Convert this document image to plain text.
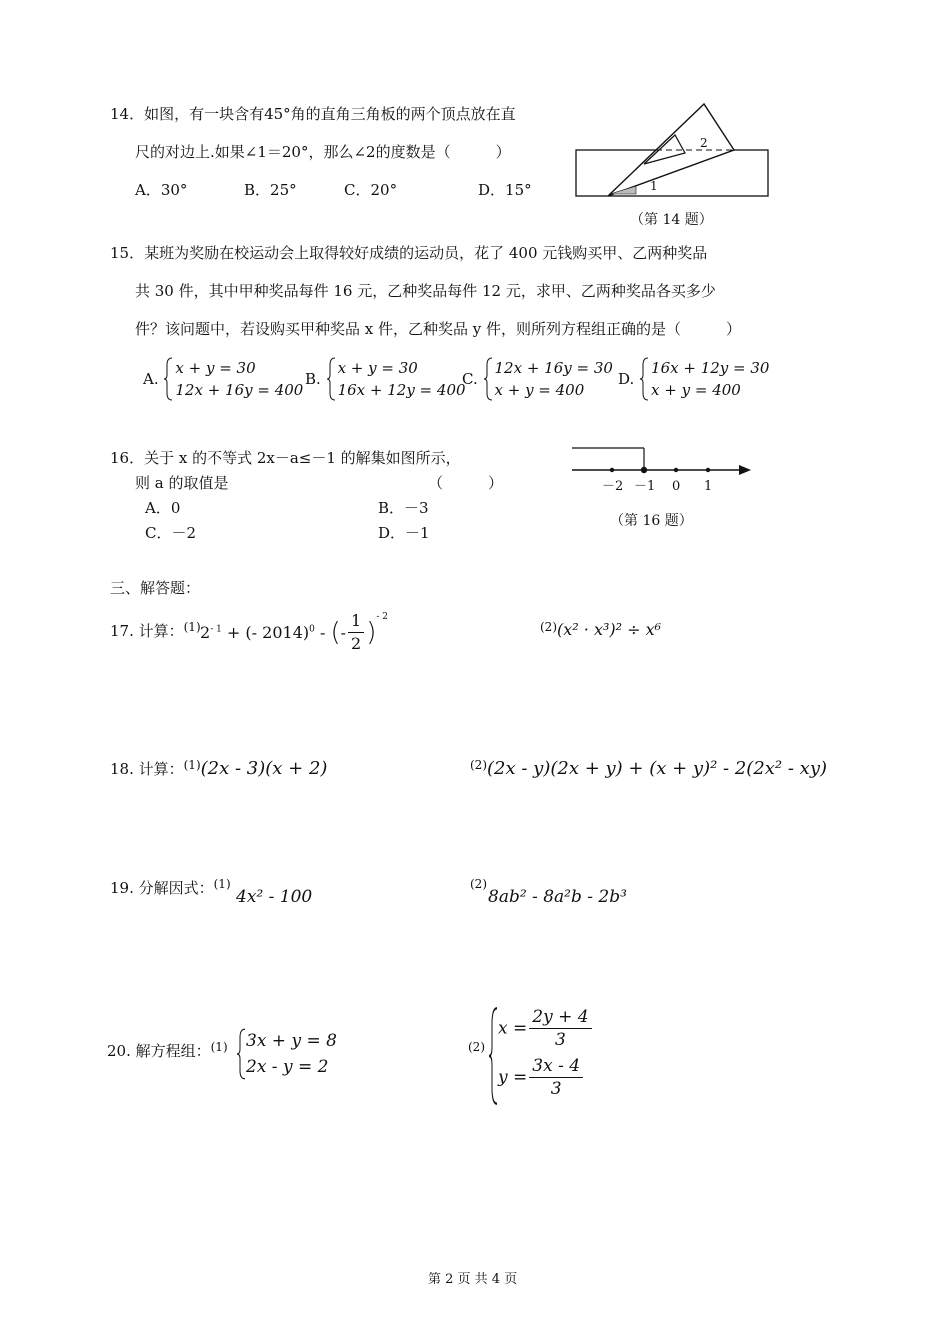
14．如图，有一块含有45°角的直角三角板的两个顶点放在直
尺的对边上.如果∠1＝20°，那么∠2的度数是（　　　）
A．30°	B．25°	C．20°	D．15°
2
1
（第 14 题）
15．某班为奖励在校运动会上取得较好成绩的运动员，花了 400 元钱购买甲、乙两种奖品
共 30 件，其中甲种奖品每件 16 元，乙种奖品每件 12 元，求甲、乙两种奖品各买多少
件？该问题中，若设购买甲种奖品 x 件，乙种奖品 y 件，则所列方程组正确的是（　　　）
A.
x + y = 30
12x + 16y = 400
B.
x + y = 30
16x + 12y = 400
C.
12x + 16y = 30
x + y = 400
D.
16x + 12y = 30
x + y = 400
16．关于 x 的不等式 2x－a≤－1 的解集如图所示，
则 a 的取值是	（　　　）
A．0	B．－3
C．－2	D．－1
－2 －1 0 1
（第 16 题）
三、解答题：
17. 计算：$^{(1)}$ $2^{- 1}$ + (- 2014)$^0$ - (- $\frac{1}{2} )^{- 2}$
$^{(2)}$(x² · x³)² ÷ x⁶
18. 计算：$^{(1)}$(2x - 3)(x + 2)	$^{(2)}$(2x - y)(2x + y) + (x + y)² - 2(2x² - xy)
19. 分解因式：$^{(1)}$
4x² - 100
(2)
8ab² - 8a²b - 2b³
20. 解方程组：$^{(1)}$ 3x + y = 8
2x - y = 2
(2)
$x = \frac{2y + 4}{3}$
$y = \frac{3x - 4}{3}$
第 2 页 共 4 页
